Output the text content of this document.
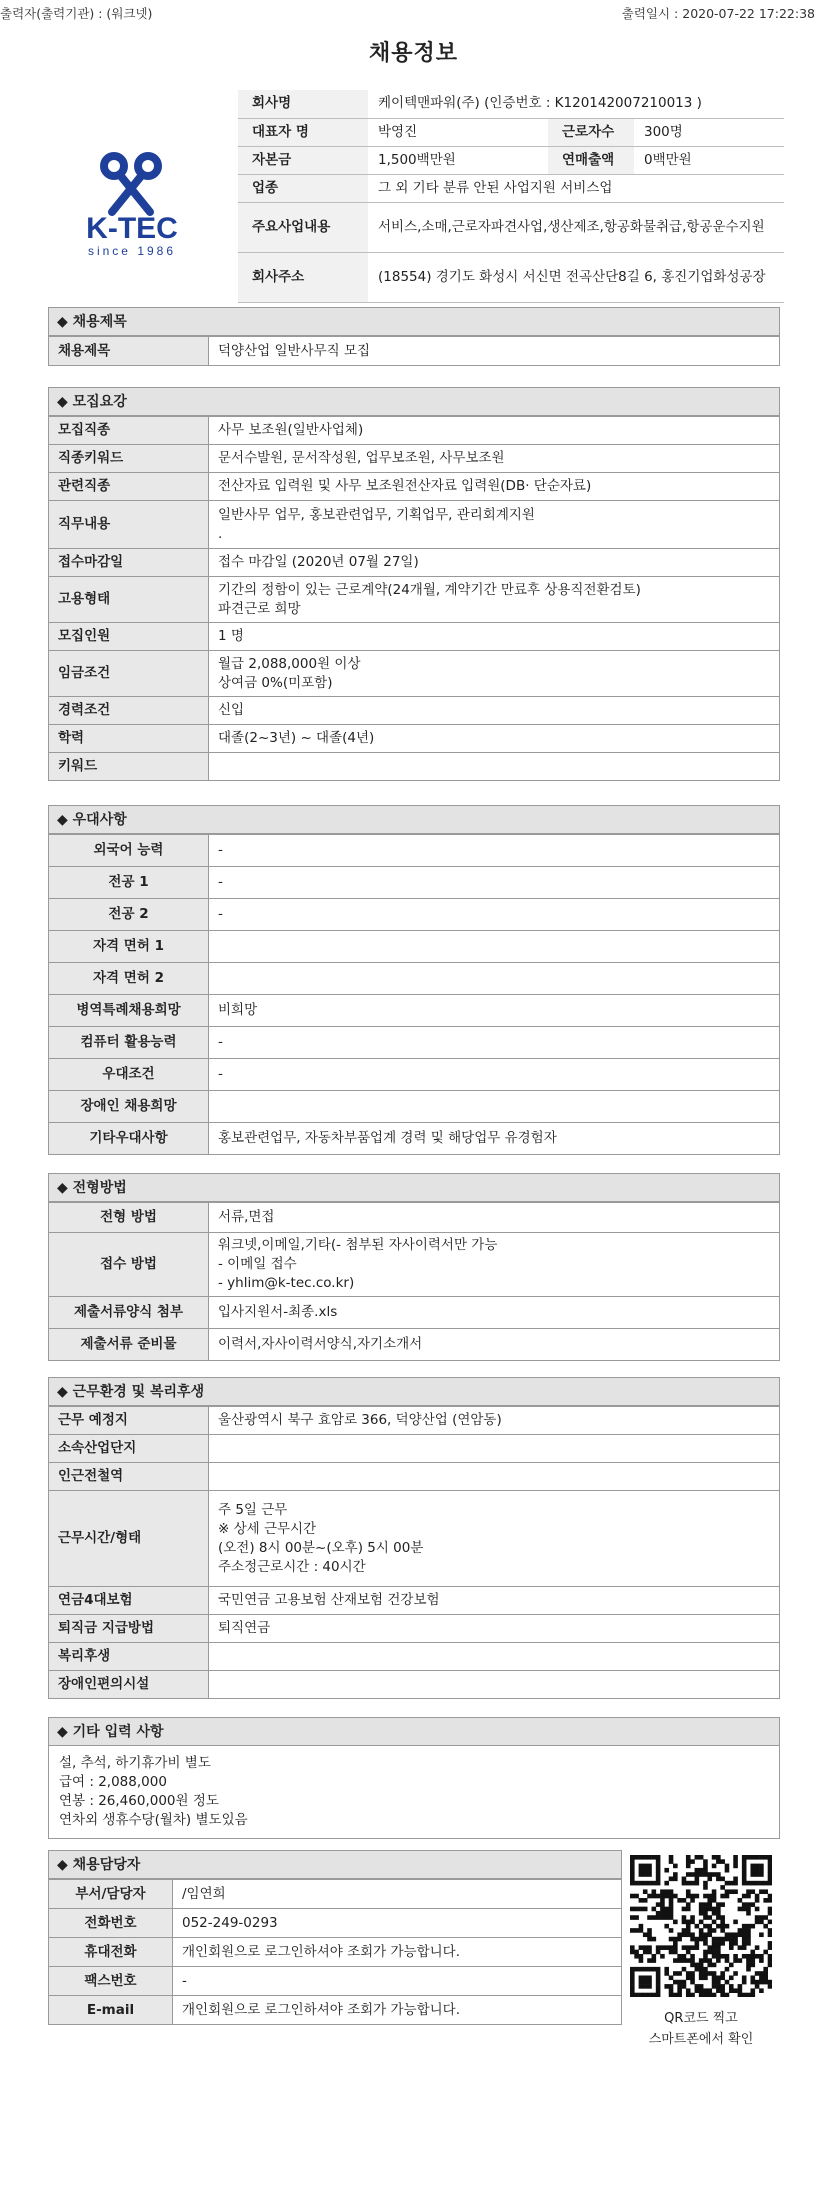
출력자(출력기관) : (워크넷)	출력일시 : 2020-07-22 17:22:38
채용정보
K-TEC
since 1986
회사명	케이텍맨파워(주) (인증번호 : K120142007210013 )		
대표자 명	박영진	근로자수	300명
자본금	1,500백만원	연매출액	0백만원
업종	그 외 기타 분류 안된 사업지원 서비스업		
주요사업내용	서비스,소매,근로자파견사업,생산제조,항공화물취급,항공운수지원		
회사주소	(18554) 경기도 화성시 서신면 전곡산단8길 6, 홍진기업화성공장		
◆ 채용제목
채용제목	덕양산업 일반사무직 모집
◆ 모집요강
모집직종	사무 보조원(일반사업체)
직종키워드	문서수발원, 문서작성원, 업무보조원, 사무보조원
관련직종	전산자료 입력원 및 사무 보조원전산자료 입력원(DB· 단순자료)
직무내용	일반사무 업무, 홍보관련업무, 기획업무, 관리회계지원
.

접수마감일	접수 마감일 (2020년 07월 27일)
고용형태	기간의 정함이 있는 근로계약(24개월, 계약기간 만료후 상용직전환검토)
파견근로 희망

모집인원	1 명
임금조건	월급 2,088,000원 이상
상여금 0%(미포함)

경력조건	신입
학력	대졸(2~3년) ~ 대졸(4년)
키워드	
◆ 우대사항
외국어 능력	-
전공 1	-
전공 2	-
자격 면허 1	
자격 면허 2	
병역특례채용희망	비희망
컴퓨터 활용능력	-
우대조건	-
장애인 채용희망	
기타우대사항	홍보관련업무, 자동차부품업계 경력 및 해당업무 유경험자
◆ 전형방법
전형 방법	서류,면접
접수 방법	워크넷,이메일,기타(- 첨부된 자사이력서만 가능
- 이메일 접수
- yhlim@k-tec.co.kr)

제출서류양식 첨부	입사지원서-최종.xls
제출서류 준비물	이력서,자사이력서양식,자기소개서
◆ 근무환경 및 복리후생
근무 예정지	울산광역시 북구 효암로 366, 덕양산업 (연암동)
소속산업단지	
인근전철역	
근무시간/형태	주 5일 근무
※ 상세 근무시간
(오전) 8시 00분~(오후) 5시 00분
주소정근로시간 : 40시간

연금4대보험	국민연금 고용보험 산재보험 건강보험
퇴직금 지급방법	퇴직연금
복리후생	
장애인편의시설	
◆ 기타 입력 사항
설, 추석, 하기휴가비 별도
급여 : 2,088,000
연봉 : 26,460,000원 정도
연차외 생휴수당(월차) 별도있음
◆ 채용담당자
부서/담당자	/임연희
전화번호	052-249-0293
휴대전화	개인회원으로 로그인하셔야 조회가 가능합니다.
팩스번호	-
E-mail	개인회원으로 로그인하셔야 조회가 가능합니다.
QR코드 찍고
스마트폰에서 확인
